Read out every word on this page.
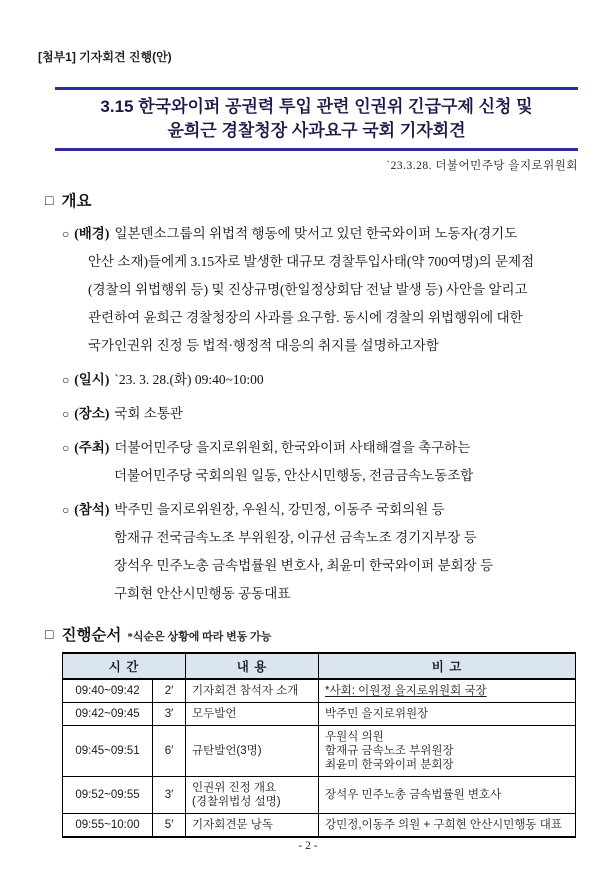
[첨부1] 기자회견 진행(안)
3.15 한국와이퍼 공권력 투입 관련 인권위 긴급구제 신청 및
윤희근 경찰청장 사과요구 국회 기자회견
`23.3.28. 더불어민주당 을지로위원회
□ 개요
○ (배경) 일본덴소그룹의 위법적 행동에 맞서고 있던 한국와이퍼 노동자(경기도
안산 소재)들에게 3.15자로 발생한 대규모 경찰투입사태(약 700여명)의 문제점
(경찰의 위법행위 등) 및 진상규명(한일정상회담 전날 발생 등) 사안을 알리고
관련하여 윤희근 경찰청장의 사과를 요구함. 동시에 경찰의 위법행위에 대한
국가인권위 진정 등 법적·행정적 대응의 취지를 설명하고자함
○ (일시) `23. 3. 28.(화) 09:40~10:00
○ (장소) 국회 소통관
○ (주최) 더불어민주당 을지로위원회, 한국와이퍼 사태해결을 촉구하는
더불어민주당 국회의원 일동, 안산시민행동, 전금금속노동조합
○ (참석) 박주민 을지로위원장, 우원식, 강민정, 이동주 국회의원 등
함재규 전국금속노조 부위원장, 이규선 금속노조 경기지부장 등
장석우 민주노총 금속법률원 변호사, 최윤미 한국와이퍼 분회장 등
구희현 안산시민행동 공동대표
□ 진행순서 *식순은 상황에 따라 변동 가능
시 간		내 용	비 고
09:40~09:42	2′	기자회견 참석자 소개	*사회: 이원정 을지로위원회 국장

09:42~09:45	3′	모두발언	박주민 을지로위원장

09:45~09:51	6′	규탄발언(3명)	우원식 의원
함재규 금속노조 부위원장
최윤미 한국와이퍼 분회장

09:52~09:55	3′	인권위 진정 개요
(경찰위법성 설명)	장석우 민주노총 금속법률원 변호사

09:55~10:00	5′	기자회견문 낭독	강민정,이동주 의원 + 구희현 안산시민행동 대표
- 2 -
